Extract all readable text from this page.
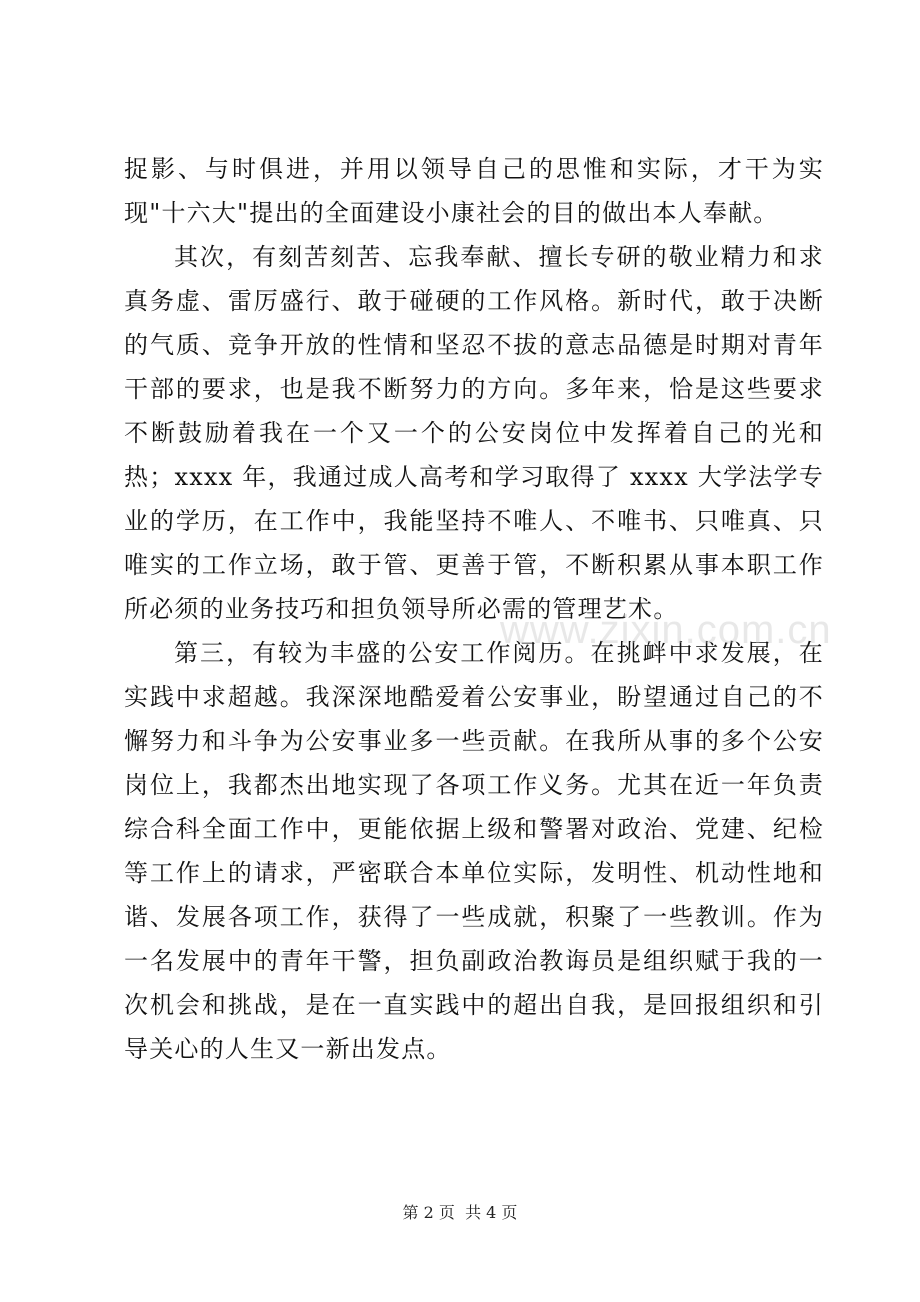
捉影、与时俱进，并用以领导自己的思惟和实际，才干为实现"十六大"提出的全面建设小康社会的目的做出本人奉献。

其次，有刻苦刻苦、忘我奉献、擅长专研的敬业精力和求真务虚、雷厉盛行、敢于碰硬的工作风格。新时代，敢于决断的气质、竞争开放的性情和坚忍不拔的意志品德是时期对青年干部的要求，也是我不断努力的方向。多年来，恰是这些要求不断鼓励着我在一个又一个的公安岗位中发挥着自己的光和热；xxxx 年，我通过成人高考和学习取得了 xxxx 大学法学专业的学历，在工作中，我能坚持不唯人、不唯书、只唯真、只唯实的工作立场，敢于管、更善于管，不断积累从事本职工作所必须的业务技巧和担负领导所必需的管理艺术。

第三，有较为丰盛的公安工作阅历。在挑衅中求发展，在实践中求超越。我深深地酷爱着公安事业，盼望通过自己的不懈努力和斗争为公安事业多一些贡献。在我所从事的多个公安岗位上，我都杰出地实现了各项工作义务。尤其在近一年负责综合科全面工作中，更能依据上级和警署对政治、党建、纪检等工作上的请求，严密联合本单位实际，发明性、机动性地和谐、发展各项工作，获得了一些成就，积聚了一些教训。作为一名发展中的青年干警，担负副政治教诲员是组织赋于我的一次机会和挑战，是在一直实践中的超出自我，是回报组织和引导关心的人生又一新出发点。

www.zixin.com.cn
第 2 页  共 4 页
